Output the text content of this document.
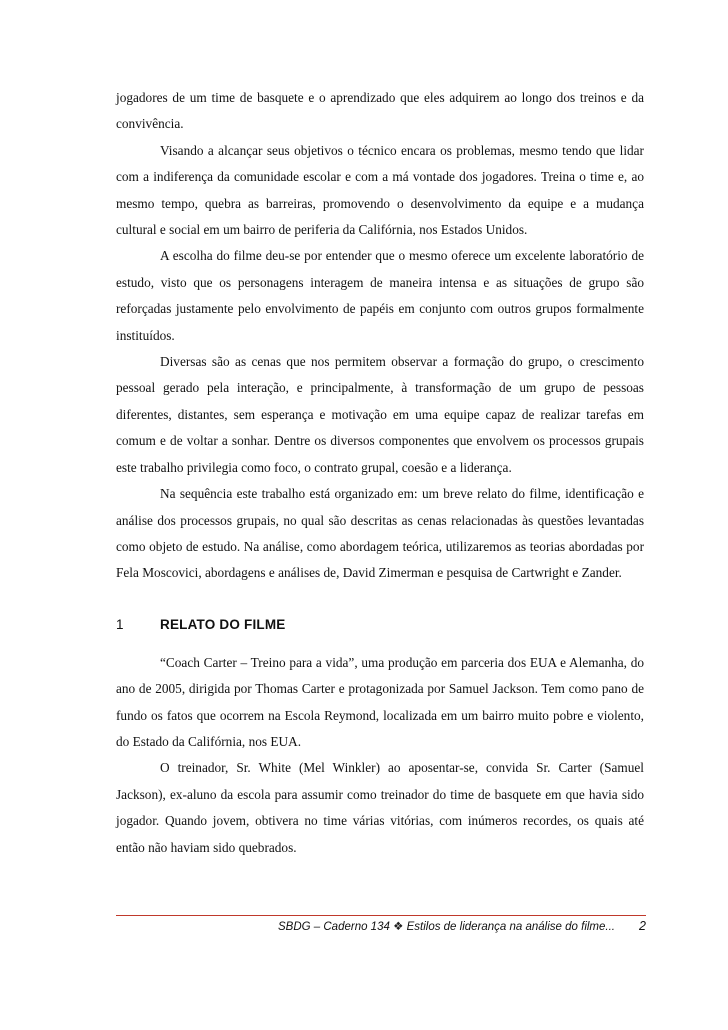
jogadores de um time de basquete e o aprendizado que eles adquirem ao longo dos treinos e da convivência.

Visando a alcançar seus objetivos o técnico encara os problemas, mesmo tendo que lidar com a indiferença da comunidade escolar e com a má vontade dos jogadores. Treina o time e, ao mesmo tempo, quebra as barreiras, promovendo o desenvolvimento da equipe e a mudança cultural e social em um bairro de periferia da Califórnia, nos Estados Unidos.

A escolha do filme deu-se por entender que o mesmo oferece um excelente laboratório de estudo, visto que os personagens interagem de maneira intensa e as situações de grupo são reforçadas justamente pelo envolvimento de papéis em conjunto com outros grupos formalmente instituídos.

Diversas são as cenas que nos permitem observar a formação do grupo, o crescimento pessoal gerado pela interação, e principalmente, à transformação de um grupo de pessoas diferentes, distantes, sem esperança e motivação em uma equipe capaz de realizar tarefas em comum e de voltar a sonhar. Dentre os diversos componentes que envolvem os processos grupais este trabalho privilegia como foco, o contrato grupal, coesão e a liderança.

Na sequência este trabalho está organizado em: um breve relato do filme, identificação e análise dos processos grupais, no qual são descritas as cenas relacionadas às questões levantadas como objeto de estudo. Na análise, como abordagem teórica, utilizaremos as teorias abordadas por Fela Moscovici, abordagens e análises de, David Zimerman e pesquisa de Cartwright e Zander.

1	RELATO DO FILME

“Coach Carter – Treino para a vida”, uma produção em parceria dos EUA e Alemanha, do ano de 2005, dirigida por Thomas Carter e protagonizada por Samuel Jackson. Tem como pano de fundo os fatos que ocorrem na Escola Reymond, localizada em um bairro muito pobre e violento, do Estado da Califórnia, nos EUA.

O treinador, Sr. White (Mel Winkler) ao aposentar-se, convida Sr. Carter (Samuel Jackson), ex-aluno da escola para assumir como treinador do time de basquete em que havia sido jogador. Quando jovem, obtivera no time várias vitórias, com inúmeros recordes, os quais até então não haviam sido quebrados.

SBDG – Caderno 134 ❖ Estilos de liderança na análise do filme... 2
